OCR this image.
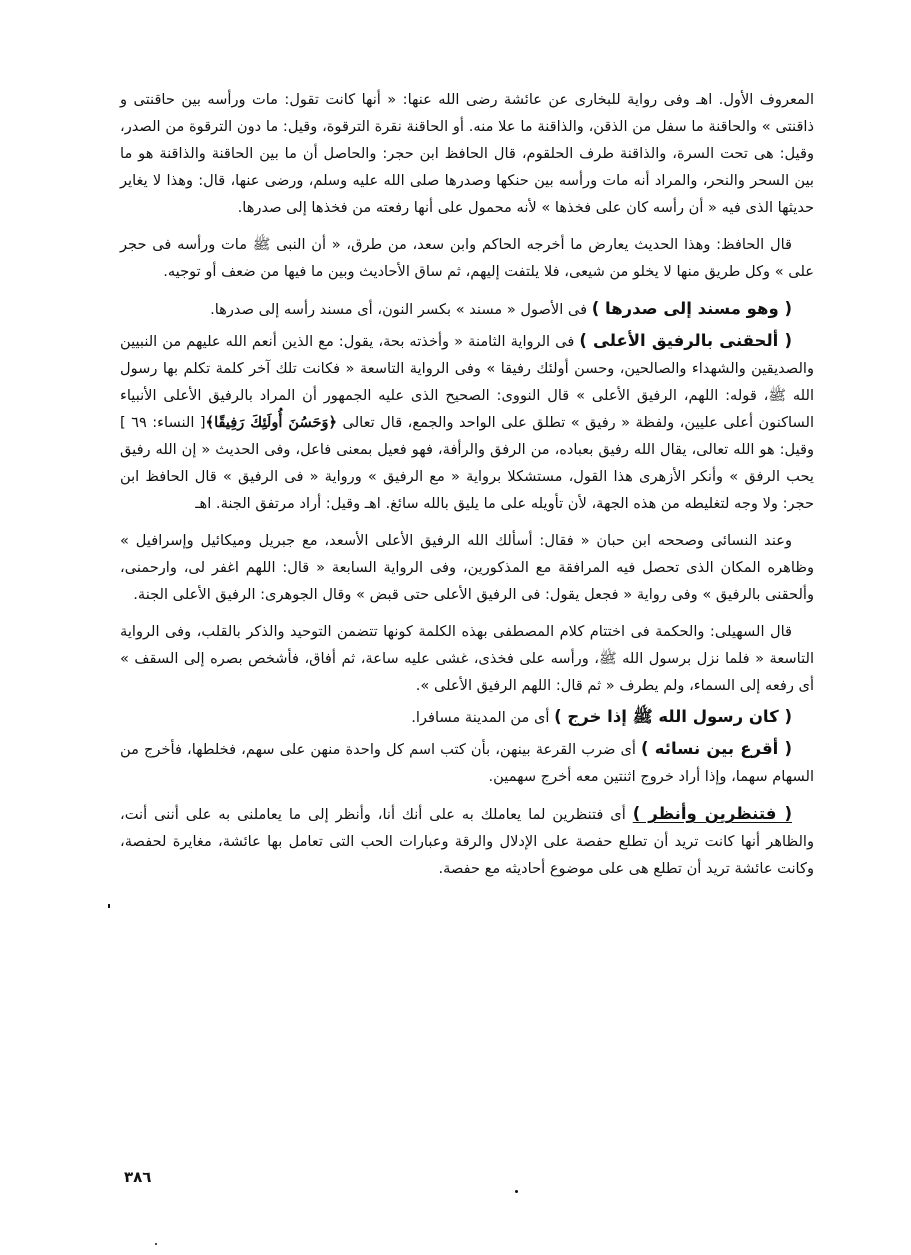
المعروف الأول. اهـ وفى رواية للبخارى عن عائشة رضى الله عنها: « أنها كانت تقول: مات ورأسه بين حاقنتى و ذاقنتى » والحاقنة ما سفل من الذقن، والذاقنة ما علا منه. أو الحاقنة نقرة الترقوة، وقيل: ما دون الترقوة من الصدر، وقيل: هى تحت السرة، والذاقنة طرف الحلقوم، قال الحافظ ابن حجر: والحاصل أن ما بين الحاقنة والذاقنة هو ما بين السحر والنحر، والمراد أنه مات ورأسه بين حنكها وصدرها صلى الله عليه وسلم، ورضى عنها، قال: وهذا لا يغاير حديثها الذى فيه « أن رأسه كان على فخذها » لأنه محمول على أنها رفعته من فخذها إلى صدرها.

قال الحافظ: وهذا الحديث يعارض ما أخرجه الحاكم وابن سعد، من طرق، « أن النبى ﷺ مات ورأسه فى حجر على » وكل طريق منها لا يخلو من شيعى، فلا يلتفت إليهم، ثم ساق الأحاديث وبين ما فيها من ضعف أو توجيه.

( وهو مسند إلى صدرها ) فى الأصول « مسند » بكسر النون، أى مسند رأسه إلى صدرها.

( ألحقنى بالرفيق الأعلى ) فى الرواية الثامنة « وأخذته بحة، يقول: مع الذين أنعم الله عليهم من النبيين والصديقين والشهداء والصالحين، وحسن أولئك رفيقا » وفى الرواية التاسعة « فكانت تلك آخر كلمة تكلم بها رسول الله ﷺ، قوله: اللهم، الرفيق الأعلى » قال النووى: الصحيح الذى عليه الجمهور أن المراد بالرفيق الأعلى الأنبياء الساكنون أعلى عليين، ولفظة « رفيق » تطلق على الواحد والجمع، قال تعالى ﴿وَحَسُنَ أُولَئِكَ رَفِيقًا﴾[ النساء: ٦٩ ] وقيل: هو الله تعالى، يقال الله رفيق بعباده، من الرفق والرأفة، فهو فعيل بمعنى فاعل، وفى الحديث « إن الله رفيق يحب الرفق » وأنكر الأزهرى هذا القول، مستشكلا برواية « مع الرفيق » ورواية « فى الرفيق » قال الحافظ ابن حجر: ولا وجه لتغليطه من هذه الجهة، لأن تأويله على ما يليق بالله سائغ. اهـ وقيل: أراد مرتفق الجنة. اهـ

وعند النسائى وصححه ابن حبان « فقال: أسألك الله الرفيق الأعلى الأسعد، مع جبريل وميكائيل وإسرافيل » وظاهره المكان الذى تحصل فيه المرافقة مع المذكورين، وفى الرواية السابعة « قال: اللهم اغفر لى، وارحمنى، وألحقنى بالرفيق » وفى رواية « فجعل يقول: فى الرفيق الأعلى حتى قبض » وقال الجوهرى: الرفيق الأعلى الجنة.

قال السهيلى: والحكمة فى اختتام كلام المصطفى بهذه الكلمة كونها تتضمن التوحيد والذكر بالقلب، وفى الرواية التاسعة « فلما نزل برسول الله ﷺ، ورأسه على فخذى، غشى عليه ساعة، ثم أفاق، فأشخص بصره إلى السقف » أى رفعه إلى السماء، ولم يطرف « ثم قال: اللهم الرفيق الأعلى ».

( كان رسول الله ﷺ إذا خرج ) أى من المدينة مسافرا.

( أقرع بين نسائه ) أى ضرب القرعة بينهن، بأن كتب اسم كل واحدة منهن على سهم، فخلطها، فأخرج من السهام سهما، وإذا أراد خروج اثنتين معه أخرج سهمين.

( فتنظرين وأنظر ) أى فتنظرين لما يعاملك به على أنك أنا، وأنظر إلى ما يعاملنى به على أننى أنت، والظاهر أنها كانت تريد أن تطلع حفصة على الإدلال والرقة وعبارات الحب التى تعامل بها عائشة، مغايرة لحفصة، وكانت عائشة تريد أن تطلع هى على موضوع أحاديثه مع حفصة.

٣٨٦
